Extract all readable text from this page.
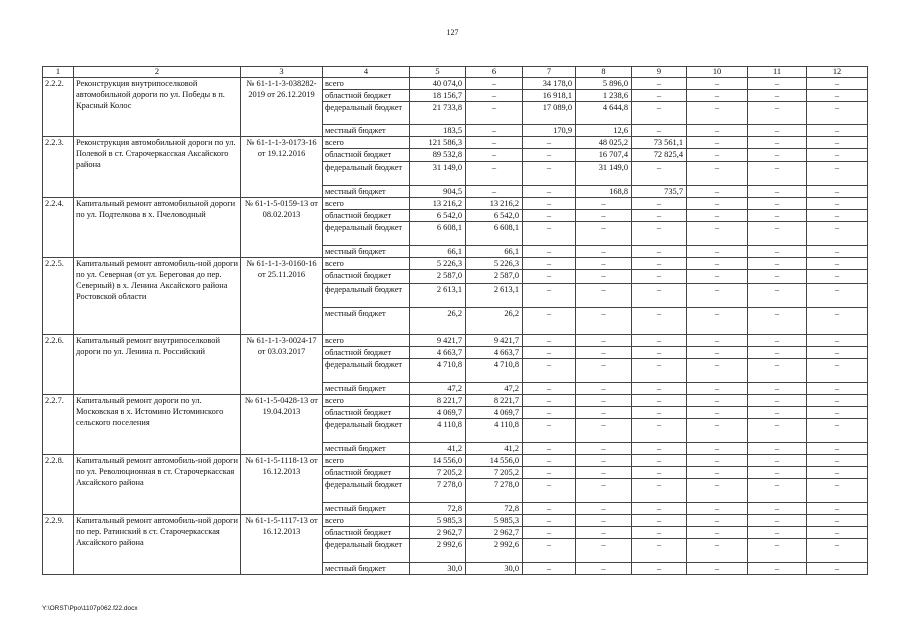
127
1	2	3	4	5	6	7	8	9	10	11	12
2.2.2.	Реконструкция внутрипоселковой автомобильной дороги по ул. Победы в п. Красный Колос	№ 61-1-1-3-038282-2019 от 26.12.2019	всего	40 074,0	–	34 178,0	5 896,0	–	–	–	–
			областной бюджет	18 156,7	–	16 918,1	1 238,6	–	–	–	–
			федеральный бюджет	21 733,8	–	17 089,0	4 644,8	–	–	–	–
			местный бюджет	183,5	–	170,9	12,6	–	–	–	–
2.2.3.	Реконструкция автомобильной дороги по ул. Полевой в ст. Старочеркасская Аксайского района	№ 61-1-1-3-0173-16 от 19.12.2016	всего	121 586,3	–	–	48 025,2	73 561,1	–	–	–
			областной бюджет	89 532,8	–	–	16 707,4	72 825,4	–	–	–
			федеральный бюджет	31 149,0	–	–	31 149,0	–	–	–	–
			местный бюджет	904,5	–	–	168,8	735,7	–	–	–
2.2.4.	Капитальный ремонт автомобильной дороги по ул. Подтелкова в х. Пчеловодный	№ 61-1-5-0159-13 от 08.02.2013	всего	13 216,2	13 216,2	–	–	–	–	–	–
			областной бюджет	6 542,0	6 542,0	–	–	–	–	–	–
			федеральный бюджет	6 608,1	6 608,1	–	–	–	–	–	–
			местный бюджет	66,1	66,1	–	–	–	–	–	–
2.2.5.	Капитальный ремонт автомобиль-ной дороги по ул. Северная (от ул. Береговая до пер. Северный) в х. Ленина Аксайского района Ростовской области	№ 61-1-1-3-0160-16 от 25.11.2016	всего	5 226,3	5 226,3	–	–	–	–	–	–
			областной бюджет	2 587,0	2 587,0	–	–	–	–	–	–
			федеральный бюджет	2 613,1	2 613,1	–	–	–	–	–	–
			местный бюджет	26,2	26,2	–	–	–	–	–	–
2.2.6.	Капитальный ремонт внутрипоселковой дороги по ул. Ленина п. Российский	№ 61-1-1-3-0024-17 от 03.03.2017	всего	9 421,7	9 421,7	–	–	–	–	–	–
			областной бюджет	4 663,7	4 663,7	–	–	–	–	–	–
			федеральный бюджет	4 710,8	4 710,8	–	–	–	–	–	–
			местный бюджет	47,2	47,2	–	–	–	–	–	–
2.2.7.	Капитальный ремонт дороги по ул. Московская в х. Истомино Истоминского сельского поселения	№ 61-1-5-0428-13 от 19.04.2013	всего	8 221,7	8 221,7	–	–	–	–	–	–
			областной бюджет	4 069,7	4 069,7	–	–	–	–	–	–
			федеральный бюджет	4 110,8	4 110,8	–	–	–	–	–	–
			местный бюджет	41,2	41,2	–	–	–	–	–	–
2.2.8.	Капитальный ремонт автомобиль-ной дороги по ул. Революционная в ст. Старочеркасская Аксайского района	№ 61-1-5-1118-13 от 16.12.2013	всего	14 556,0	14 556,0	–	–	–	–	–	–
			областной бюджет	7 205,2	7 205,2	–	–	–	–	–	–
			федеральный бюджет	7 278,0	7 278,0	–	–	–	–	–	–
			местный бюджет	72,8	72,8	–	–	–	–	–	–
2.2.9.	Капитальный ремонт автомобиль-ной дороги по пер. Ратинский в ст. Старочеркасская Аксайского района	№ 61-1-5-1117-13 от 16.12.2013	всего	5 985,3	5 985,3	–	–	–	–	–	–
			областной бюджет	2 962,7	2 962,7	–	–	–	–	–	–
			федеральный бюджет	2 992,6	2 992,6	–	–	–	–	–	–
			местный бюджет	30,0	30,0	–	–	–	–	–	–
Y:\ORST\Ppo\1107p062.f22.docx
